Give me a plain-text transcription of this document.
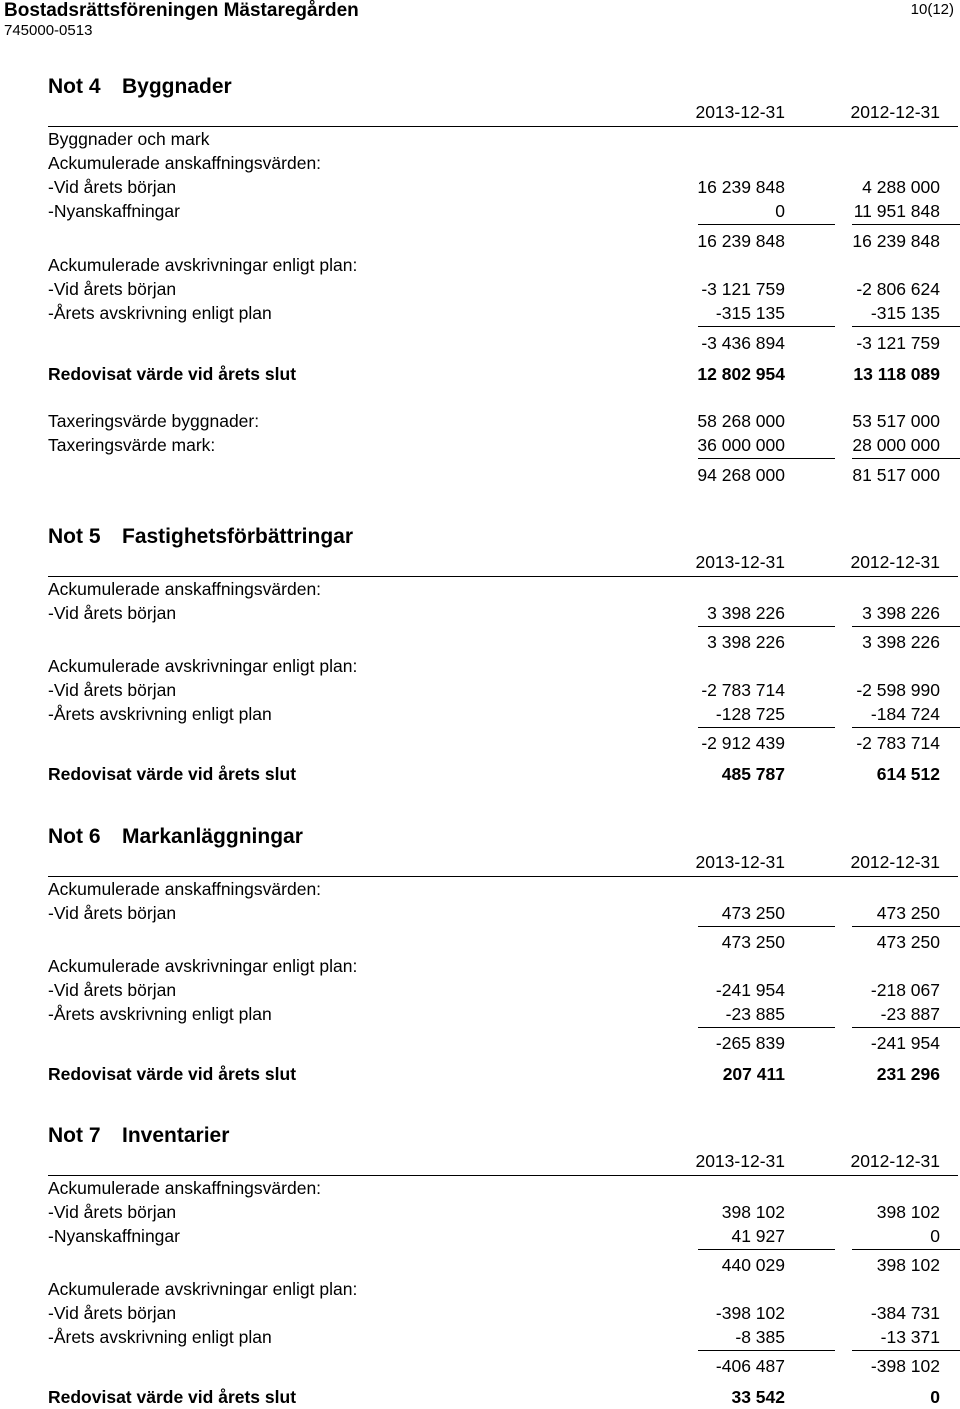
Bostadsrättsföreningen Mästaregården
745000-0513
10(12)
Not 4 Byggnader
2013-12-31	2012-12-31
Byggnader och mark
Ackumulerade anskaffningsvärden:
-Vid årets början	16 239 848	4 288 000
-Nyanskaffningar	0	11 951 848
16 239 848	16 239 848
Ackumulerade avskrivningar enligt plan:
-Vid årets början	-3 121 759	-2 806 624
-Årets avskrivning enligt plan	-315 135	-315 135
-3 436 894	-3 121 759
Redovisat värde vid årets slut	12 802 954	13 118 089
Taxeringsvärde byggnader:	58 268 000	53 517 000
Taxeringsvärde mark:	36 000 000	28 000 000
94 268 000	81 517 000
Not 5 Fastighetsförbättringar
2013-12-31	2012-12-31
Ackumulerade anskaffningsvärden:
-Vid årets början	3 398 226	3 398 226
3 398 226	3 398 226
Ackumulerade avskrivningar enligt plan:
-Vid årets början	-2 783 714	-2 598 990
-Årets avskrivning enligt plan	-128 725	-184 724
-2 912 439	-2 783 714
Redovisat värde vid årets slut	485 787	614 512
Not 6 Markanläggningar
2013-12-31	2012-12-31
Ackumulerade anskaffningsvärden:
-Vid årets början	473 250	473 250
473 250	473 250
Ackumulerade avskrivningar enligt plan:
-Vid årets början	-241 954	-218 067
-Årets avskrivning enligt plan	-23 885	-23 887
-265 839	-241 954
Redovisat värde vid årets slut	207 411	231 296
Not 7 Inventarier
2013-12-31	2012-12-31
Ackumulerade anskaffningsvärden:
-Vid årets början	398 102	398 102
-Nyanskaffningar	41 927	0
440 029	398 102
Ackumulerade avskrivningar enligt plan:
-Vid årets början	-398 102	-384 731
-Årets avskrivning enligt plan	-8 385	-13 371
-406 487	-398 102
Redovisat värde vid årets slut	33 542	0
